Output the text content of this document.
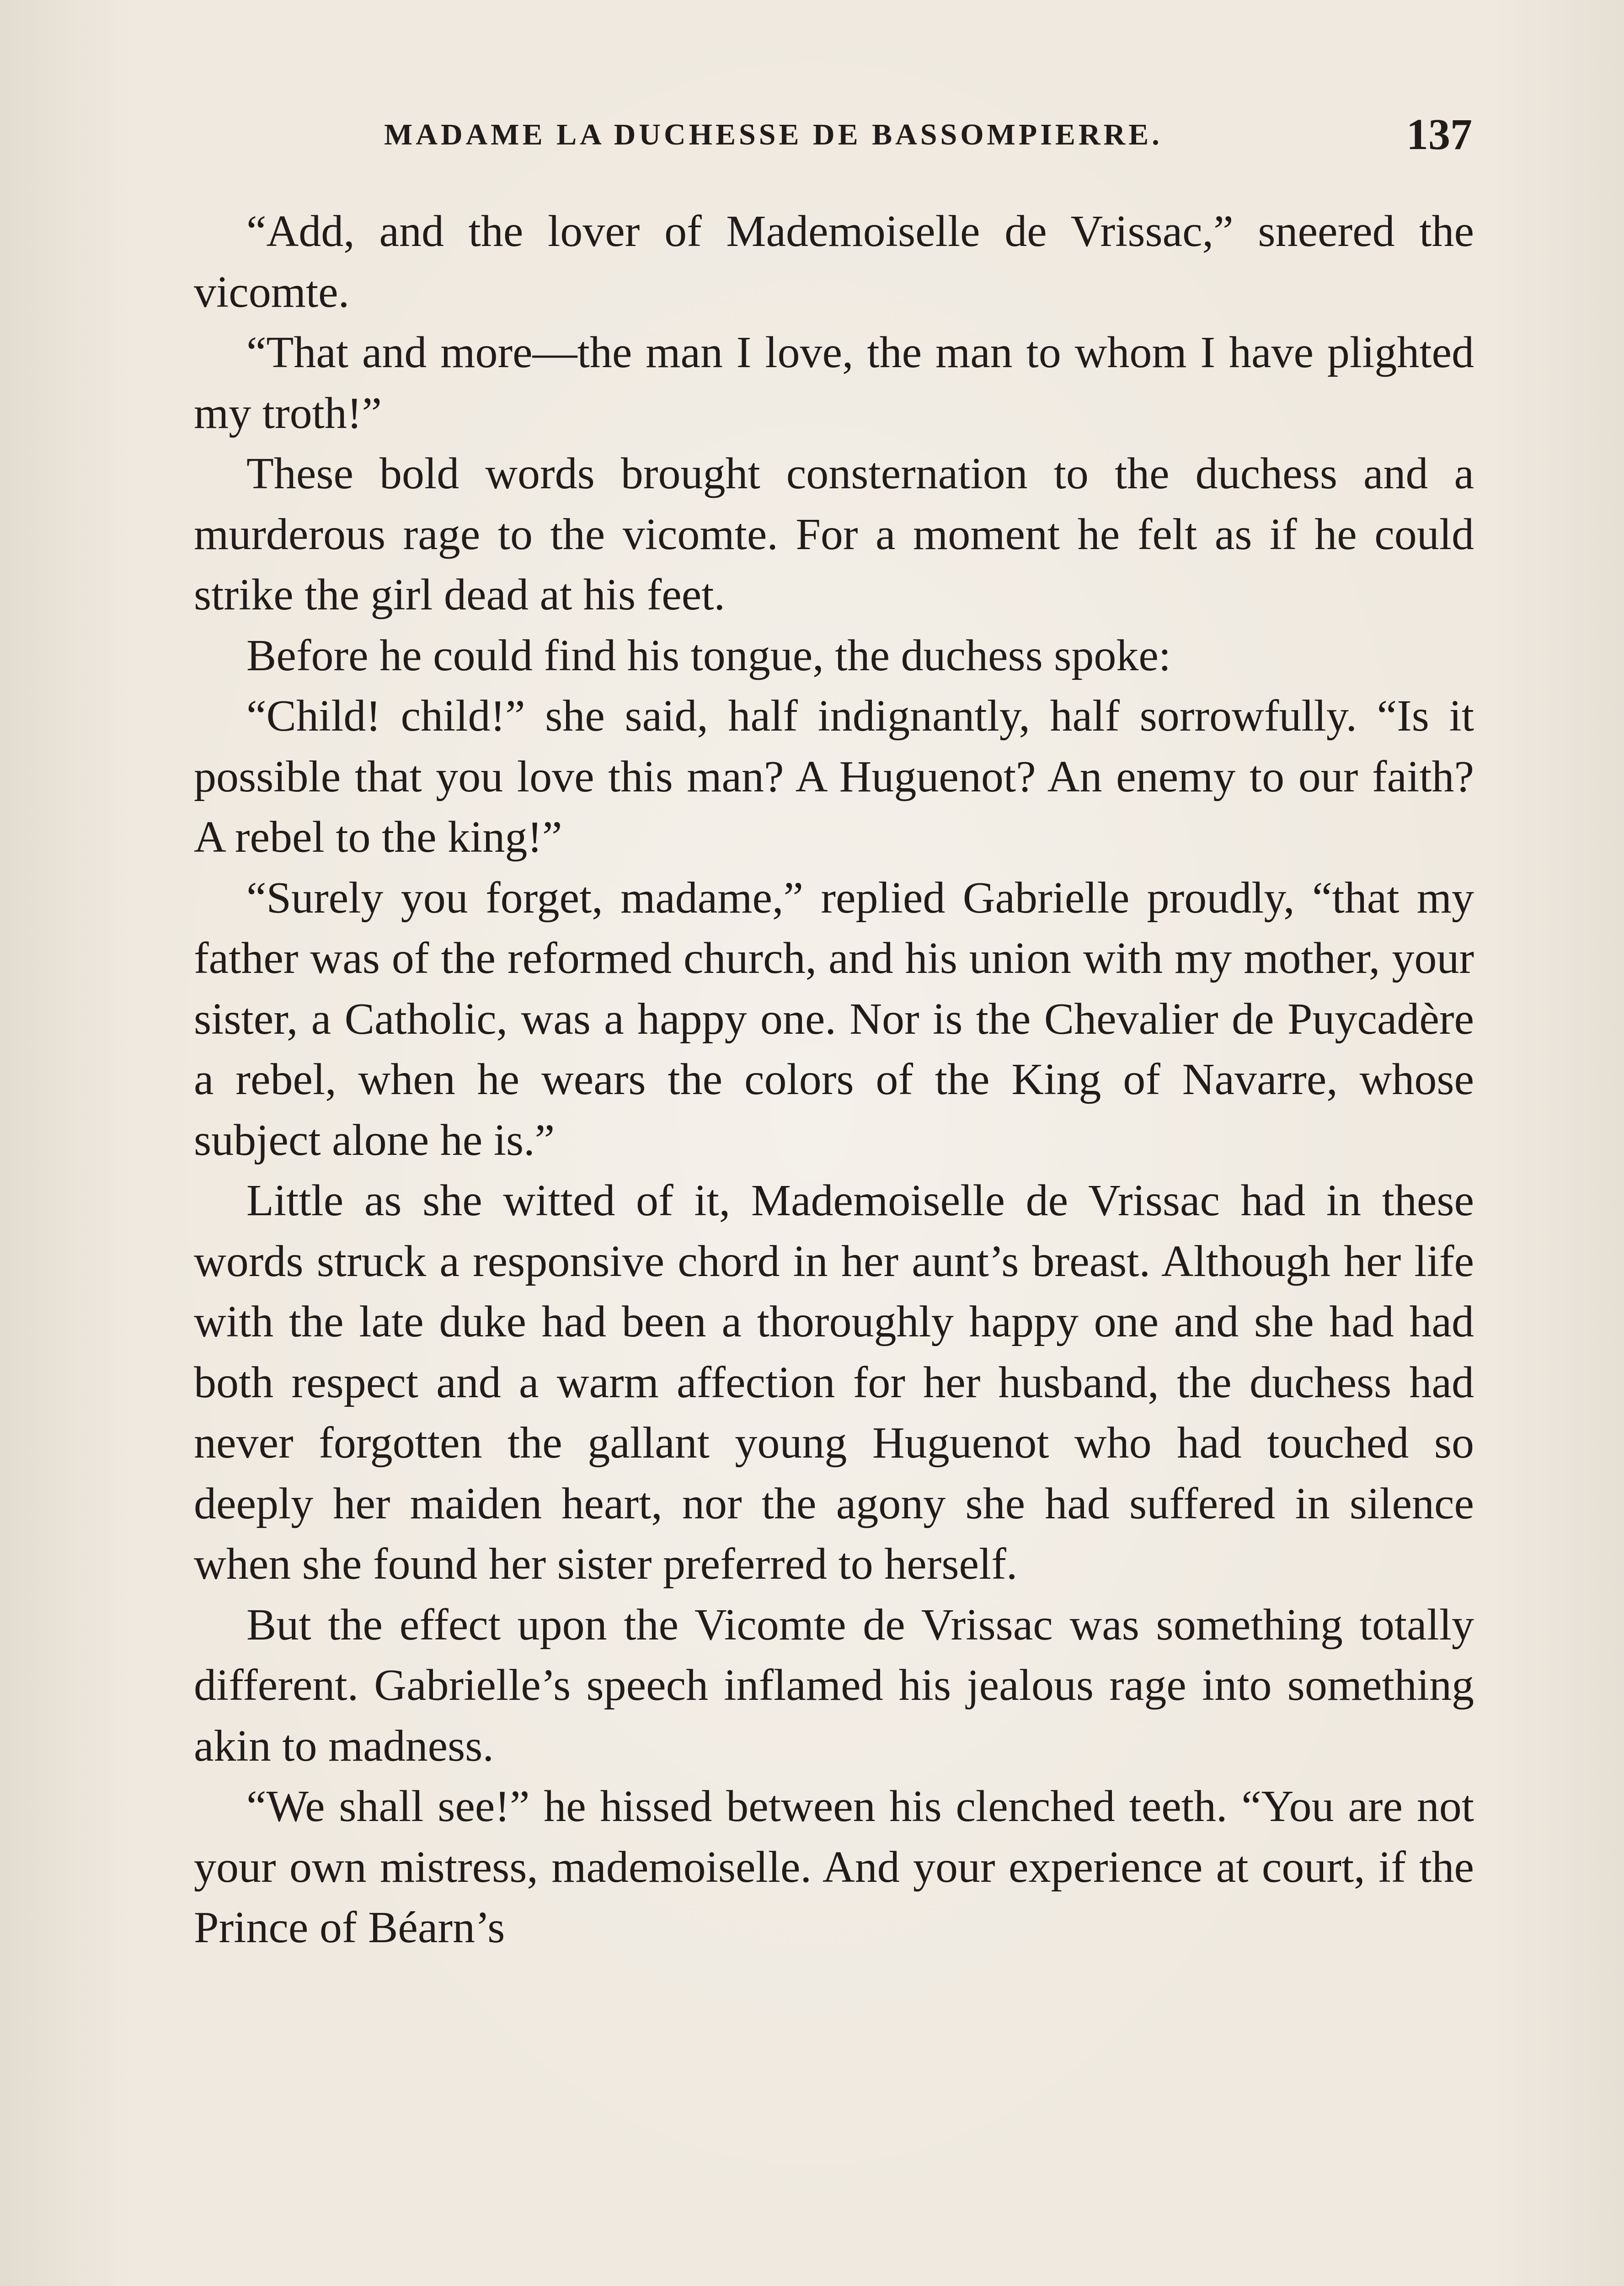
MADAME LA DUCHESSE DE BASSOMPIERRE.	137

“Add, and the lover of Mademoiselle de Vrissac,” sneered the vicomte.

“That and more—the man I love, the man to whom I have plighted my troth!”

These bold words brought consternation to the duchess and a murderous rage to the vicomte. For a moment he felt as if he could strike the girl dead at his feet.

Before he could find his tongue, the duchess spoke:

“Child! child!” she said, half indignantly, half sorrowfully. “Is it possible that you love this man? A Huguenot? An enemy to our faith? A rebel to the king!”

“Surely you forget, madame,” replied Gabrielle proudly, “that my father was of the reformed church, and his union with my mother, your sister, a Catholic, was a happy one. Nor is the Chevalier de Puycadère a rebel, when he wears the colors of the King of Navarre, whose subject alone he is.”

Little as she witted of it, Mademoiselle de Vrissac had in these words struck a responsive chord in her aunt’s breast. Although her life with the late duke had been a thoroughly happy one and she had had both respect and a warm affection for her husband, the duchess had never forgotten the gallant young Huguenot who had touched so deeply her maiden heart, nor the agony she had suffered in silence when she found her sister preferred to herself.

But the effect upon the Vicomte de Vrissac was something totally different. Gabrielle’s speech inflamed his jealous rage into something akin to madness.

“We shall see!” he hissed between his clenched teeth. “You are not your own mistress, mademoiselle. And your experience at court, if the Prince of Béarn’s
